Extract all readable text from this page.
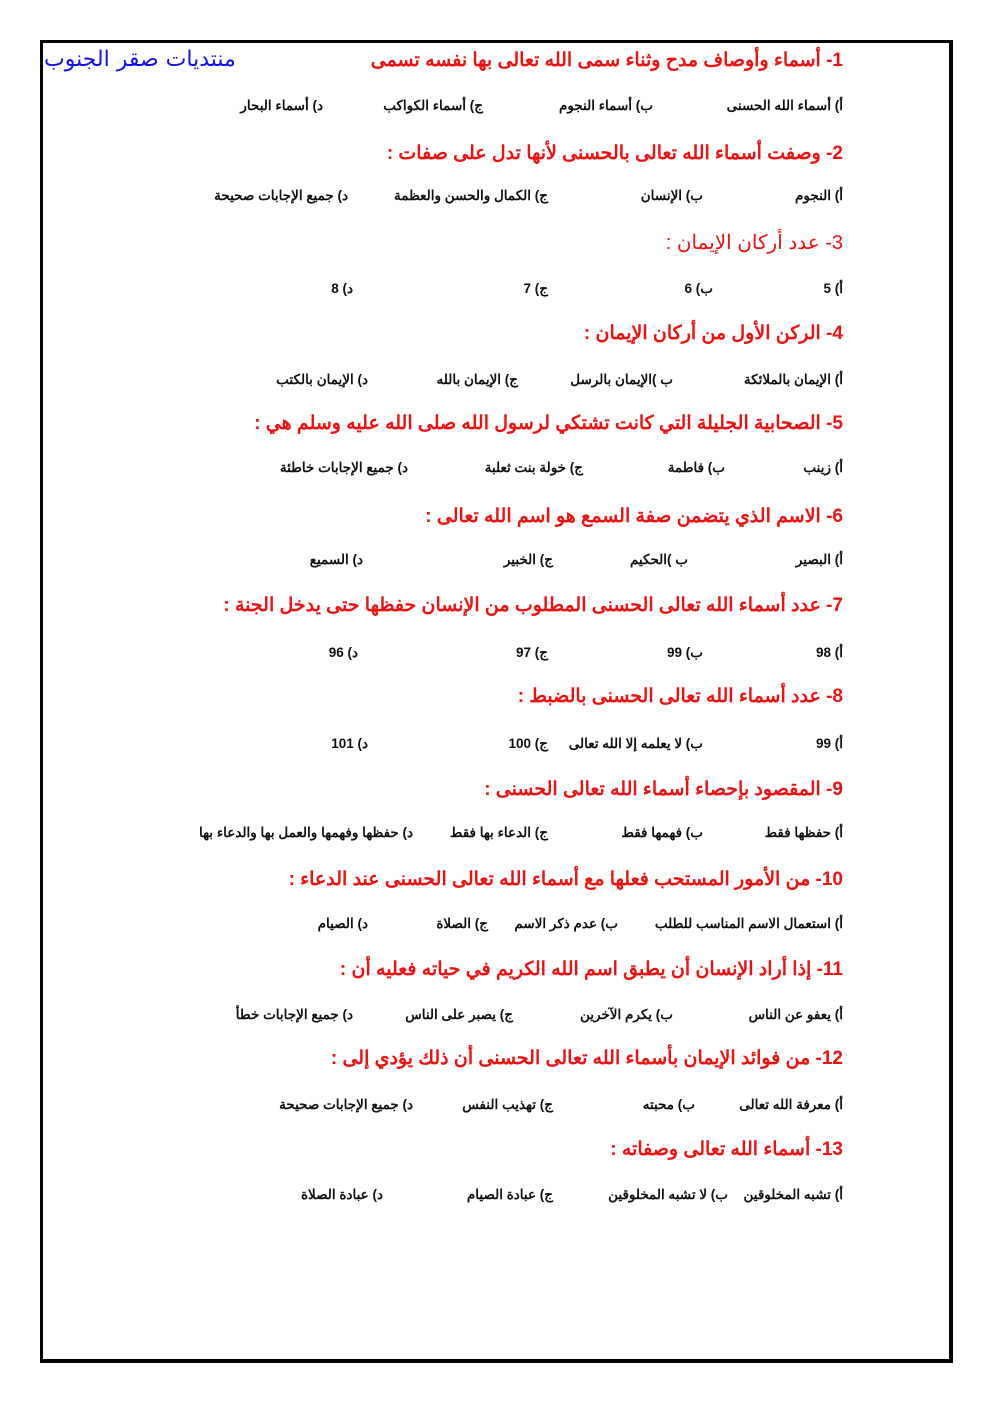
منتديات صقر الجنوب	1- أسماء وأوصاف مدح وثناء سمى الله تعالى بها نفسه تسمى
أ) أسماء الله الحسنى
ب) أسماء النجوم
ج) أسماء الكواكب
د) أسماء البحار
2- وصفت أسماء الله تعالى بالحسنى لأنها تدل على صفات :
أ) النجوم
ب) الإنسان
ج) الكمال والحسن والعظمة
د) جميع الإجابات صحيحة
3- عدد أركان الإيمان :
أ) 5
ب) 6
ج) 7
د) 8
4- الركن الأول من أركان الإيمان :
أ) الإيمان بالملائكة
ب )الإيمان بالرسل
ج) الإيمان بالله
د) الإيمان بالكتب
5- الصحابية الجليلة التي كانت تشتكي لرسول الله صلى الله عليه وسلم هي :
أ) زينب
ب) فاطمة
ج) خولة بنت ثعلبة
د) جميع الإجابات خاطئة
6- الاسم الذي يتضمن صفة السمع هو اسم الله تعالى :
أ) البصير
ب )الحكيم
ج) الخبير
د) السميع
7- عدد أسماء الله تعالى الحسنى المطلوب من الإنسان حفظها حتى يدخل الجنة :
أ) 98
ب) 99
ج) 97
د) 96
8- عدد أسماء الله تعالى الحسنى بالضبط :
أ) 99
ب) لا يعلمه إلا الله تعالى
ج) 100
د) 101
9- المقصود بإحصاء أسماء الله تعالى الحسنى :
أ) حفظها فقط
ب) فهمها فقط
ج) الدعاء بها فقط
د) حفظها وفهمها والعمل بها والدعاء بها
10- من الأمور المستحب فعلها مع أسماء الله تعالى الحسنى عند الدعاء :
أ) استعمال الاسم المناسب للطلب
ب) عدم ذكر الاسم
ج) الصلاة
د) الصيام
11- إذا أراد الإنسان أن يطبق اسم الله الكريم في حياته فعليه أن :
أ) يعفو عن الناس
ب) يكرم الآخرين
ج) يصبر على الناس
د) جميع الإجابات خطأ
12- من فوائد الإيمان بأسماء الله تعالى الحسنى أن ذلك يؤدي إلى :
أ) معرفة الله تعالى
ب) محبته
ج) تهذيب النفس
د) جميع الإجابات صحيحة
13- أسماء الله تعالى وصفاته :
أ) تشبه المخلوقين
ب) لا تشبه المخلوقين
ج) عبادة الصيام
د) عبادة الصلاة
